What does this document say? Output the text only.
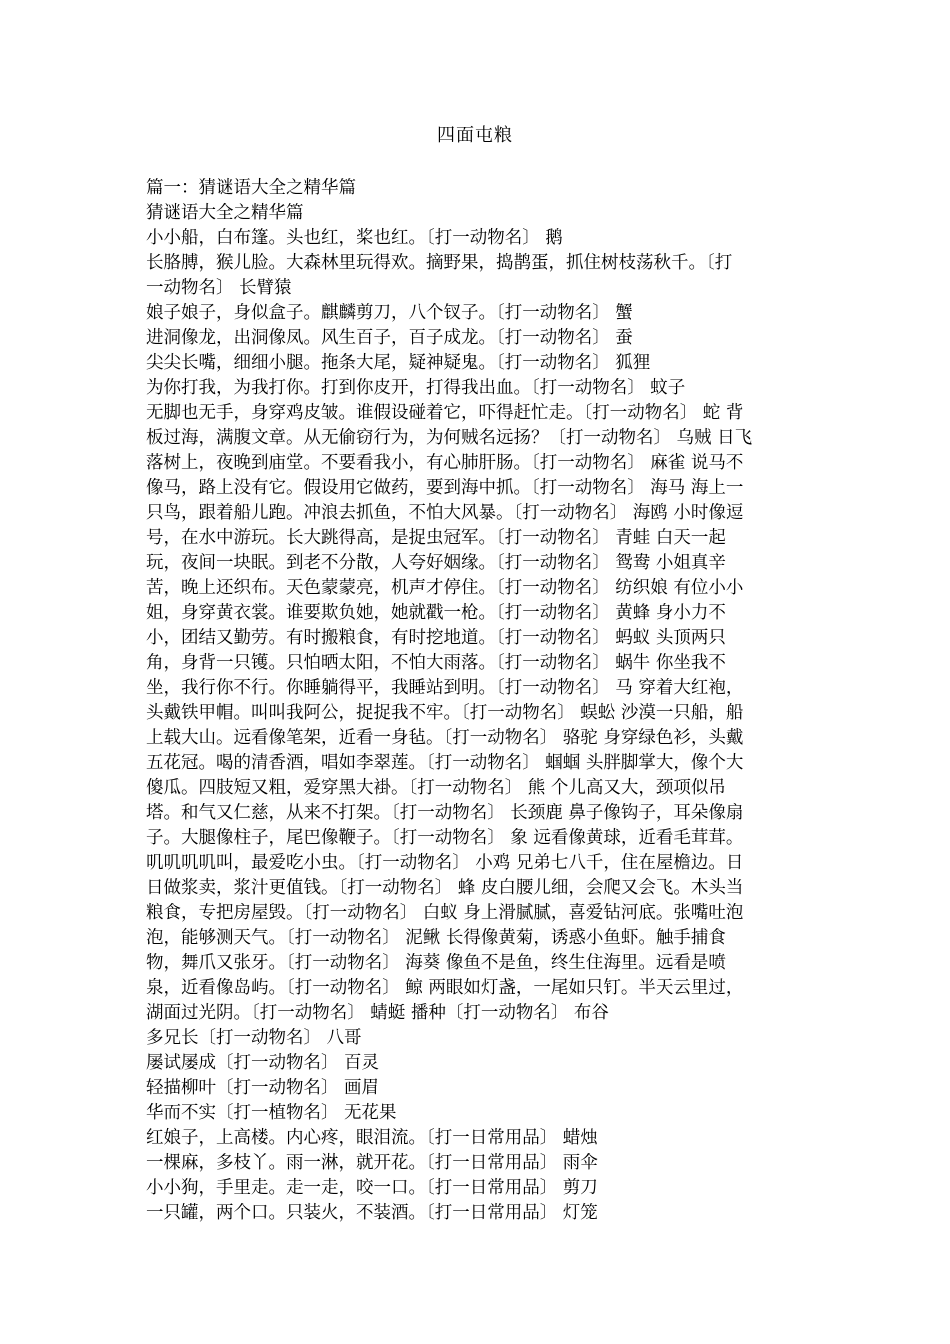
四面屯粮
篇一：猜谜语大全之精华篇
猜谜语大全之精华篇
小小船，白布篷。头也红，桨也红。〔打一动物名〕 鹅
长胳膊，猴儿脸。大森林里玩得欢。摘野果，捣鹊蛋，抓住树枝荡秋千。〔打
一动物名〕 长臂猿
娘子娘子，身似盒子。麒麟剪刀，八个钗子。〔打一动物名〕 蟹
进洞像龙，出洞像凤。风生百子，百子成龙。〔打一动物名〕 蚕
尖尖长嘴，细细小腿。拖条大尾，疑神疑鬼。〔打一动物名〕 狐狸
为你打我，为我打你。打到你皮开，打得我出血。〔打一动物名〕 蚊子
无脚也无手，身穿鸡皮皱。谁假设碰着它，吓得赶忙走。〔打一动物名〕 蛇 背
板过海，满腹文章。从无偷窃行为，为何贼名远扬？〔打一动物名〕 乌贼 日飞
落树上，夜晚到庙堂。不要看我小，有心肺肝肠。〔打一动物名〕 麻雀 说马不
像马，路上没有它。假设用它做药，要到海中抓。〔打一动物名〕 海马 海上一
只鸟，跟着船儿跑。冲浪去抓鱼，不怕大风暴。〔打一动物名〕 海鸥 小时像逗
号，在水中游玩。长大跳得高，是捉虫冠军。〔打一动物名〕 青蛙 白天一起
玩，夜间一块眠。到老不分散，人夸好姻缘。〔打一动物名〕 鸳鸯 小姐真辛
苦，晚上还织布。天色蒙蒙亮，机声才停住。〔打一动物名〕 纺织娘 有位小小
姐，身穿黄衣裳。谁要欺负她，她就戳一枪。〔打一动物名〕 黄蜂 身小力不
小，团结又勤劳。有时搬粮食，有时挖地道。〔打一动物名〕 蚂蚁 头顶两只
角，身背一只镬。只怕晒太阳，不怕大雨落。〔打一动物名〕 蜗牛 你坐我不
坐，我行你不行。你睡躺得平，我睡站到明。〔打一动物名〕 马 穿着大红袍，
头戴铁甲帽。叫叫我阿公，捉捉我不牢。〔打一动物名〕 蜈蚣 沙漠一只船，船
上载大山。远看像笔架，近看一身毡。〔打一动物名〕 骆驼 身穿绿色衫，头戴
五花冠。喝的清香酒，唱如李翠莲。〔打一动物名〕 蝈蝈 头胖脚掌大，像个大
傻瓜。四肢短又粗，爱穿黑大褂。〔打一动物名〕 熊 个儿高又大，颈项似吊
塔。和气又仁慈，从来不打架。〔打一动物名〕 长颈鹿 鼻子像钩子，耳朵像扇
子。大腿像柱子，尾巴像鞭子。〔打一动物名〕 象 远看像黄球，近看毛茸茸。
叽叽叽叽叫，最爱吃小虫。〔打一动物名〕 小鸡 兄弟七八千，住在屋檐边。日
日做浆卖，浆汁更值钱。〔打一动物名〕 蜂 皮白腰儿细，会爬又会飞。木头当
粮食，专把房屋毁。〔打一动物名〕 白蚁 身上滑腻腻，喜爱钻河底。张嘴吐泡
泡，能够测天气。〔打一动物名〕 泥鳅 长得像黄菊，诱惑小鱼虾。触手捕食
物，舞爪又张牙。〔打一动物名〕 海葵 像鱼不是鱼，终生住海里。远看是喷
泉，近看像岛屿。〔打一动物名〕 鲸 两眼如灯盏，一尾如只钉。半天云里过，
湖面过光阴。〔打一动物名〕 蜻蜓 播种〔打一动物名〕 布谷
多兄长〔打一动物名〕 八哥
屡试屡成〔打一动物名〕 百灵
轻描柳叶〔打一动物名〕 画眉
华而不实〔打一植物名〕 无花果
红娘子，上高楼。内心疼，眼泪流。〔打一日常用品〕 蜡烛
一棵麻，多枝丫。雨一淋，就开花。〔打一日常用品〕 雨伞
小小狗，手里走。走一走，咬一口。〔打一日常用品〕 剪刀
一只罐，两个口。只装火，不装酒。〔打一日常用品〕 灯笼
